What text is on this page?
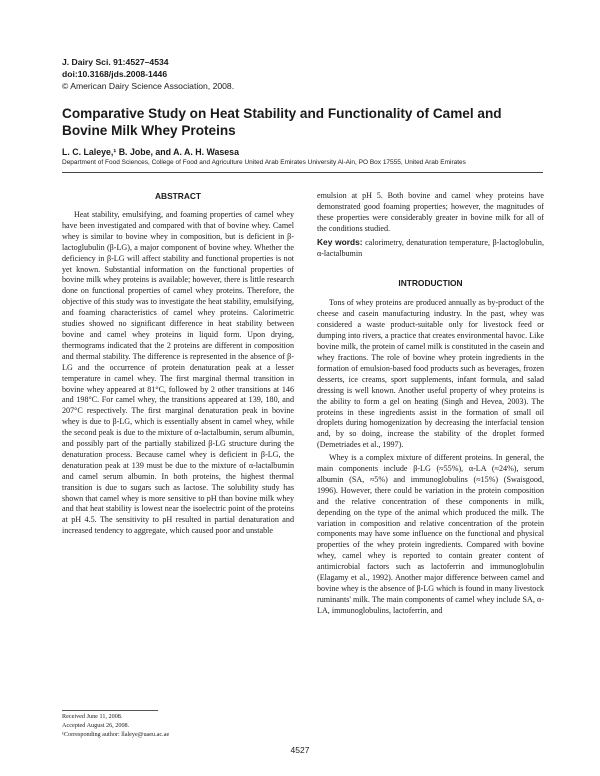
J. Dairy Sci. 91:4527–4534
doi:10.3168/jds.2008-1446
© American Dairy Science Association, 2008.
Comparative Study on Heat Stability and Functionality of Camel and Bovine Milk Whey Proteins
L. C. Laleye,¹ B. Jobe, and A. A. H. Wasesa
Department of Food Sciences, College of Food and Agriculture United Arab Emirates University Al-Ain, PO Box 17555, United Arab Emirates
ABSTRACT

Heat stability, emulsifying, and foaming properties of camel whey have been investigated and compared with that of bovine whey. Camel whey is similar to bovine whey in composition, but is deficient in β-lactoglubulin (β-LG), a major component of bovine whey. Whether the deficiency in β-LG will affect stability and functional properties is not yet known. Substantial information on the functional properties of bovine milk whey proteins is available; however, there is little research done on functional properties of camel whey proteins. Therefore, the objective of this study was to investigate the heat stability, emulsifying, and foaming characteristics of camel whey proteins. Calorimetric studies showed no significant difference in heat stability between bovine and camel whey proteins in liquid form. Upon drying, thermograms indicated that the 2 proteins are different in composition and thermal stability. The difference is represented in the absence of β-LG and the occurrence of protein denaturation peak at a lesser temperature in camel whey. The first marginal thermal transition in bovine whey appeared at 81°C, followed by 2 other transitions at 146 and 198°C. For camel whey, the transitions appeared at 139, 180, and 207°C respectively. The first marginal denaturation peak in bovine whey is due to β-LG, which is essentially absent in camel whey, while the second peak is due to the mixture of α-lactalbumin, serum albumin, and possibly part of the partially stabilized β-LG structure during the denaturation process. Because camel whey is deficient in β-LG, the denaturation peak at 139 must be due to the mixture of α-lactalbumin and camel serum albumin. In both proteins, the highest thermal transition is due to sugars such as lactose. The solubility study has shown that camel whey is more sensitive to pH than bovine milk whey and that heat stability is lowest near the isoelectric point of the proteins at pH 4.5. The sensitivity to pH resulted in partial denaturation and increased tendency to aggregate, which caused poor and unstable

emulsion at pH 5. Both bovine and camel whey proteins have demonstrated good foaming properties; however, the magnitudes of these properties were considerably greater in bovine milk for all of the conditions studied.

Key words: calorimetry, denaturation temperature, β-lactoglobulin, α-lactalbumin

INTRODUCTION

Tons of whey proteins are produced annually as by-product of the cheese and casein manufacturing industry. In the past, whey was considered a waste product-suitable only for livestock feed or dumping into rivers, a practice that creates environmental havoc. Like bovine milk, the protein of camel milk is constituted in the casein and whey fractions. The role of bovine whey protein ingredients in the formation of emulsion-based food products such as beverages, frozen desserts, ice creams, sport supplements, infant formula, and salad dressing is well known. Another useful property of whey proteins is the ability to form a gel on heating (Singh and Hevea, 2003). The proteins in these ingredients assist in the formation of small oil droplets during homogenization by decreasing the interfacial tension and, by so doing, increase the stability of the droplet formed (Demetriades et al., 1997).

Whey is a complex mixture of different proteins. In general, the main components include β-LG (≈55%), α-LA (≈24%), serum albumin (SA, ≈5%) and immunoglobulins (≈15%) (Swaisgood, 1996). However, there could be variation in the protein composition and the relative concentration of these components in milk, depending on the type of the animal which produced the milk. The variation in composition and relative concentration of the protein components may have some influence on the functional and physical properties of the whey protein ingredients. Compared with bovine whey, camel whey is reported to contain greater content of antimicrobial factors such as lactoferrin and immunoglobulin (Elagamy et al., 1992). Another major difference between camel and bovine whey is the absence of β-LG which is found in many livestock ruminants' milk. The main components of camel whey include SA, α-LA, immunoglobulins, lactoferrin, and

Received June 11, 2008.
Accepted August 26, 2008.
¹Corresponding author: llaleye@uaeu.ac.ae
4527
